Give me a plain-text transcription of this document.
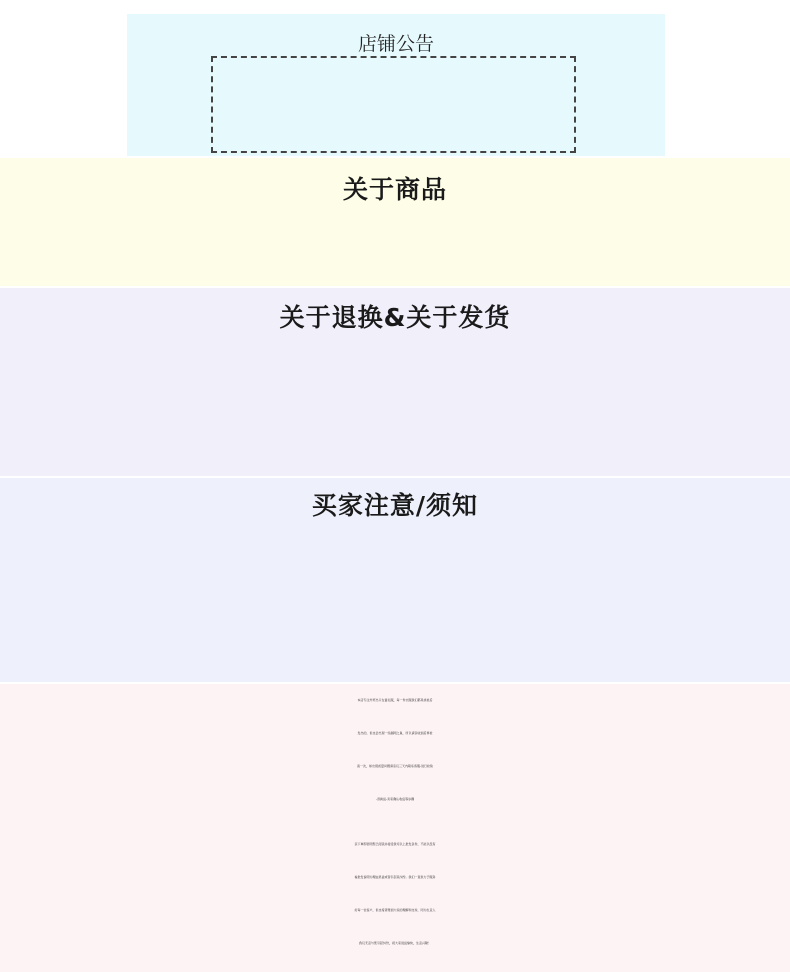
店铺公告
关于商品
关于退换&关于发货
买家注意/须知
本店专注外贸出口女童礼服，每一件衣服我们都是质检后
发出的，但也会出现一些漏网之鱼，所以请亲收到后再检
查一次，如出现质量问题请亲们三天内联系客服-进行检验
-退换货-卖家确认收货等步骤
亲下单即表明您已阅读并接受我司以上批发条件，不能以没有
看批发说明为理由退货或者引起其纠纷。我们一直致力于服务
好每一位客户，但也希望得到大家的理解和支持，同为生意人
我们无意与您引起纠纷，祝大家进货愉快，生意兴隆！
